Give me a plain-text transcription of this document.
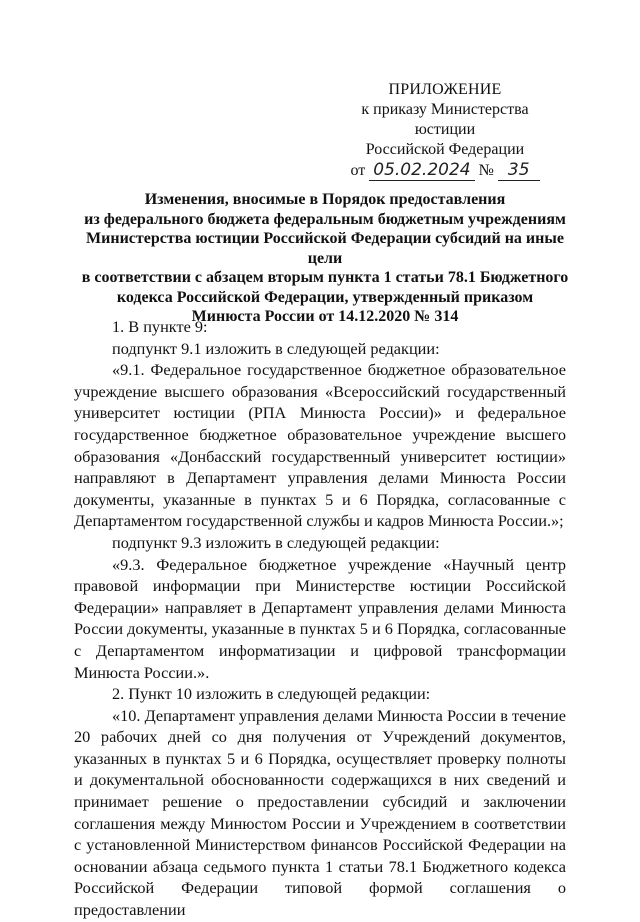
ПРИЛОЖЕНИЕ
к приказу Министерства юстиции
Российской Федерации
от 05.02.2024 № 35
Изменения, вносимые в Порядок предоставления
из федерального бюджета федеральным бюджетным учреждениям
Министерства юстиции Российской Федерации субсидий на иные цели
в соответствии с абзацем вторым пункта 1 статьи 78.1 Бюджетного
кодекса Российской Федерации, утвержденный приказом
Минюста России от 14.12.2020 № 314

1. В пункте 9:

подпункт 9.1 изложить в следующей редакции:

«9.1. Федеральное государственное бюджетное образовательное учреждение высшего образования «Всероссийский государственный университет юстиции (РПА Минюста России)» и федеральное государственное бюджетное образовательное учреждение высшего образования «Донбасский государственный университет юстиции» направляют в Департамент управления делами Минюста России документы, указанные в пунктах 5 и 6 Порядка, согласованные с Департаментом государственной службы и кадров Минюста России.»;

подпункт 9.3 изложить в следующей редакции:

«9.3. Федеральное бюджетное учреждение «Научный центр правовой информации при Министерстве юстиции Российской Федерации» направляет в Департамент управления делами Минюста России документы, указанные в пунктах 5 и 6 Порядка, согласованные с Департаментом информатизации и цифровой трансформации Минюста России.».

2. Пункт 10 изложить в следующей редакции:

«10. Департамент управления делами Минюста России в течение 20 рабочих дней со дня получения от Учреждений документов, указанных в пунктах 5 и 6 Порядка, осуществляет проверку полноты и документальной обоснованности содержащихся в них сведений и принимает решение о предоставлении субсидий и заключении соглашения между Минюстом России и Учреждением в соответствии с установленной Министерством финансов Российской Федерации на основании абзаца седьмого пункта 1 статьи 78.1 Бюджетного кодекса Российской Федерации типовой формой соглашения о предоставлении
